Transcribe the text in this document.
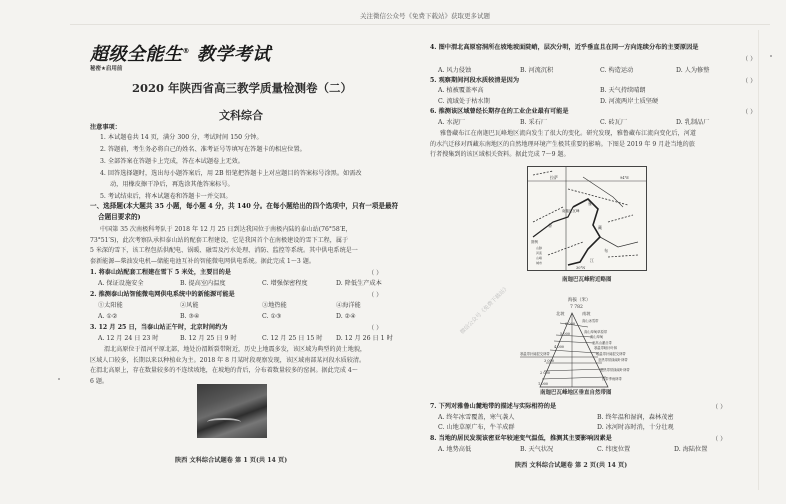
关注微信公众号《免费下载站》获取更多试题
超级全能生® 教学考试
秘密★启用前
2020 年陕西省高三教学质量检测卷（二）
文科综合
注意事项：
1. 本试题卷共 14 页，满分 300 分，考试时间 150 分钟。
2. 答题前，考生务必将自己的姓名、准考证号等填写在答题卡的相应位置。
3. 全部答案在答题卡上完成，答在本试题卷上无效。
4. 回答选择题时，选出每小题答案后，用 2B 铅笔把答题卡上对应题目的答案标号涂黑。如需改
动，用橡皮擦干净后，再选涂其他答案标号。
5. 考试结束后，将本试题卷和答题卡一并交回。
一、选择题(本大题共 35 小题，每小题 4 分，共 140 分。在每小题给出的四个选项中，只有一项是最符
合题目要求的)
中国第 35 次南极科考队于 2018 年 12 月 25 日到达我国位于南极内陆的泰山站(76°58′E，
73°51′S)，此次考察队承担泰山站的配套工程建设，它是我国首个在南极建设的雪下工程，属于
5 米深的雪下，该工程包括供配电、锅暖、融雪及污水处理、消防、监控等系统。其中供电系统是一
套新能源—柴油发电机—储能电池互补的智能微电网供电系统。据此完成 1～3 题。
1. 将泰山站配套工程建在雪下 5 米处，主要目的是	（ ）
A. 保证设施安全	B. 提高室内温度	C. 增强保密程度	D. 降低生产成本
2. 推测泰山站智能微电网供电系统中的新能源可能是	（ ）
①太阳能	②风能	③地热能	④海洋能
A. ①②	B. ③④	C. ①③	D. ②④
3. 12 月 25 日，当泰山站正午时，北京时间约为	（ ）
A. 12 月 24 日 23 时	B. 12 月 25 日 9 时	C. 12 月 25 日 15 时 D. 12 月 26 日 1 时
渭北高原位于渭河平原北部，地处汾渭断裂带附近，历史上地震多发，该区域为典型的黄土地貌，
区域人口较多，长期以来以种植业为主。2018 年 8 月某时段观察发现，该区域南部某河段水质较清。
在渭北高原上，存在数量较多的不连续坡地，在坡地的背后，分布着数量较多的窑洞。据此完成 4～
6 题。
陕西 文科综合试题卷 第 1 页(共 14 页)
4. 图中渭北高原窑洞所在坡地坡面陡峭，层次分明，近乎垂直且在同一方向连续分布的主要原因是
（ ）
A. 风力侵蚀	B. 河流沉积	C. 构造运动	D. 人为修整
5. 观察期间河段水质较清是因为	（ ）
A. 植被覆盖率高	B. 天气持续晴朗
C. 流域处于枯水期	D. 河流两岸土质坚硬
6. 推测该区域曾经长期存在的工业企业最有可能是	（ ）
A. 水泥厂	B. 采石厂	C. 砖瓦厂	D. 乳制品厂
雅鲁藏布江在南迦巴瓦峰地区流向发生了很大的变化。研究发现，雅鲁藏布江流向变化后，河道
的水汽迁移对西藏东南地区的自然地理环境产生极其重要的影响。下图是 2019 年 9 月赴当地的旅
行者搜集到的该区域相关资料。据此完成 7～9 题。
拉萨	94°E
南迦巴瓦峰
雅
鲁	藏
布
江
30°N
图例
山脉
河流
山峰
城市
南迦巴瓦峰附近略图
海拔（米）
7 782
北坡	南坡
6 000
5 000
4 000
3 000
2 000
1 000
高山冰雪带
高山草甸草原带
高山草甸
亚高山灌丛带
寒温带暗针叶林
暖温带针阔混交林带
亚热带常绿阔叶林带
亚热带常绿阔叶林带
热带季雨林带
寒温带针阔混交林带
南迦巴瓦峰地区垂直自然带图
微信公众号《免费下载站》
7. 下列对雅鲁山麓地带的描述与实际相符的是	（ ）
A. 终年冰雪覆盖，寒气袭人	B. 终年温和湿润，森林茂密
C. 山地草原广布，牛羊成群	D. 冰河时冻时消，十分壮观
8. 当地的居民发现该密亚年较速变气温低，推测其主要影响因素是	（ ）
A. 地势高低	B. 天气状况	C. 纬度位置	D. 海陆位置
陕西 文科综合试题卷 第 2 页(共 14 页)
